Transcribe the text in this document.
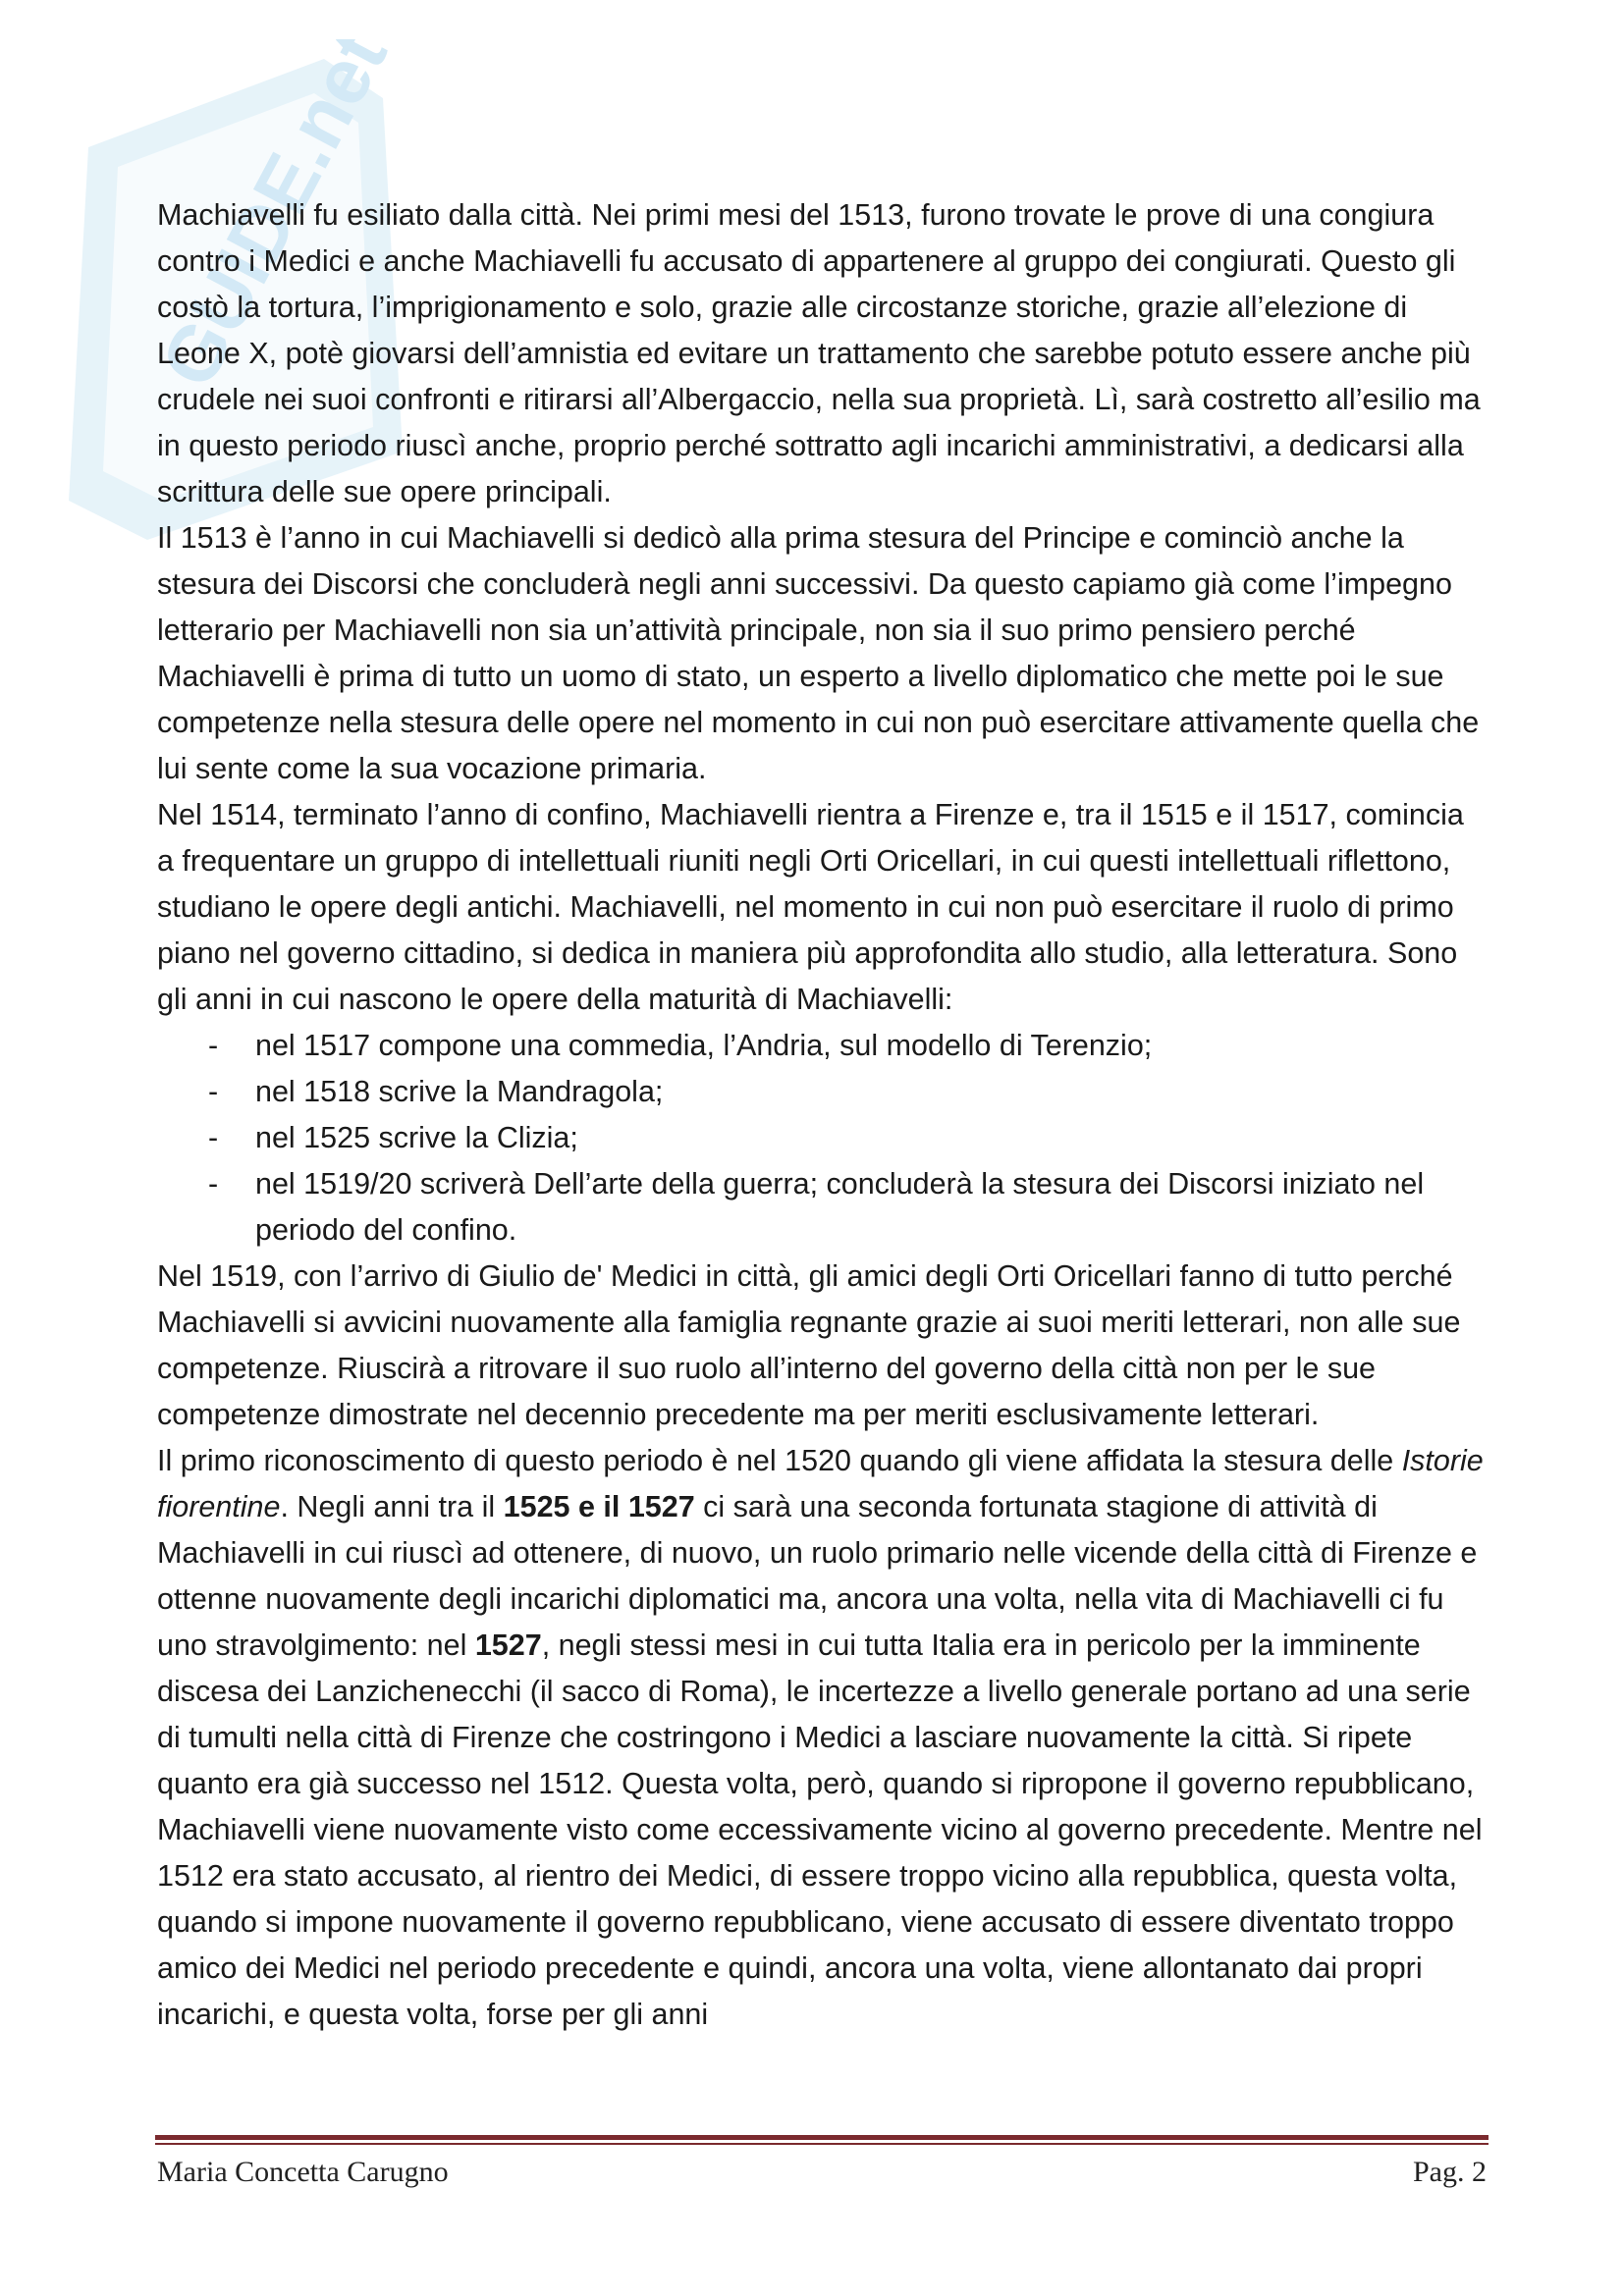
GUIDE.net

Machiavelli fu esiliato dalla città. Nei primi mesi del 1513, furono trovate le prove di una congiura contro i Medici e anche Machiavelli fu accusato di appartenere al gruppo dei congiurati. Questo gli costò la tortura, l’imprigionamento e solo, grazie alle circostanze storiche, grazie all’elezione di Leone X, potè giovarsi dell’amnistia ed evitare un trattamento che sarebbe potuto essere anche più crudele nei suoi confronti e ritirarsi all’Albergaccio, nella sua proprietà. Lì, sarà costretto all’esilio ma in questo periodo riuscì anche, proprio perché sottratto agli incarichi amministrativi, a dedicarsi alla scrittura delle sue opere principali.

Il 1513 è l’anno in cui Machiavelli si dedicò alla prima stesura del Principe e cominciò anche la stesura dei Discorsi che concluderà negli anni successivi. Da questo capiamo già come l’impegno letterario per Machiavelli non sia un’attività principale, non sia il suo primo pensiero perché Machiavelli è prima di tutto un uomo di stato, un esperto a livello diplomatico che mette poi le sue competenze nella stesura delle opere nel momento in cui non può esercitare attivamente quella che lui sente come la sua vocazione primaria.

Nel 1514, terminato l’anno di confino, Machiavelli rientra a Firenze e, tra il 1515 e il 1517, comincia a frequentare un gruppo di intellettuali riuniti negli Orti Oricellari, in cui questi intellettuali riflettono, studiano le opere degli antichi. Machiavelli, nel momento in cui non può esercitare il ruolo di primo piano nel governo cittadino, si dedica in maniera più approfondita allo studio, alla letteratura. Sono gli anni in cui nascono le opere della maturità di Machiavelli:

- nel 1517 compone una commedia, l’Andria, sul modello di Terenzio;
- nel 1518 scrive la Mandragola;
- nel 1525 scrive la Clizia;
- nel 1519/20 scriverà Dell’arte della guerra; concluderà la stesura dei Discorsi iniziato nel periodo del confino.

Nel 1519, con l’arrivo di Giulio de' Medici in città, gli amici degli Orti Oricellari fanno di tutto perché Machiavelli si avvicini nuovamente alla famiglia regnante grazie ai suoi meriti letterari, non alle sue competenze. Riuscirà a ritrovare il suo ruolo all’interno del governo della città non per le sue competenze dimostrate nel decennio precedente ma per meriti esclusivamente letterari.

Il primo riconoscimento di questo periodo è nel 1520 quando gli viene affidata la stesura delle Istorie fiorentine. Negli anni tra il 1525 e il 1527 ci sarà una seconda fortunata stagione di attività di Machiavelli in cui riuscì ad ottenere, di nuovo, un ruolo primario nelle vicende della città di Firenze e ottenne nuovamente degli incarichi diplomatici ma, ancora una volta, nella vita di Machiavelli ci fu uno stravolgimento: nel 1527, negli stessi mesi in cui tutta Italia era in pericolo per la imminente discesa dei Lanzichenecchi (il sacco di Roma), le incertezze a livello generale portano ad una serie di tumulti nella città di Firenze che costringono i Medici a lasciare nuovamente la città. Si ripete quanto era già successo nel 1512. Questa volta, però, quando si ripropone il governo repubblicano, Machiavelli viene nuovamente visto come eccessivamente vicino al governo precedente. Mentre nel 1512 era stato accusato, al rientro dei Medici, di essere troppo vicino alla repubblica, questa volta, quando si impone nuovamente il governo repubblicano, viene accusato di essere diventato troppo amico dei Medici nel periodo precedente e quindi, ancora una volta, viene allontanato dai propri incarichi, e questa volta, forse per gli anni

Maria Concetta Carugno	Pag. 2
